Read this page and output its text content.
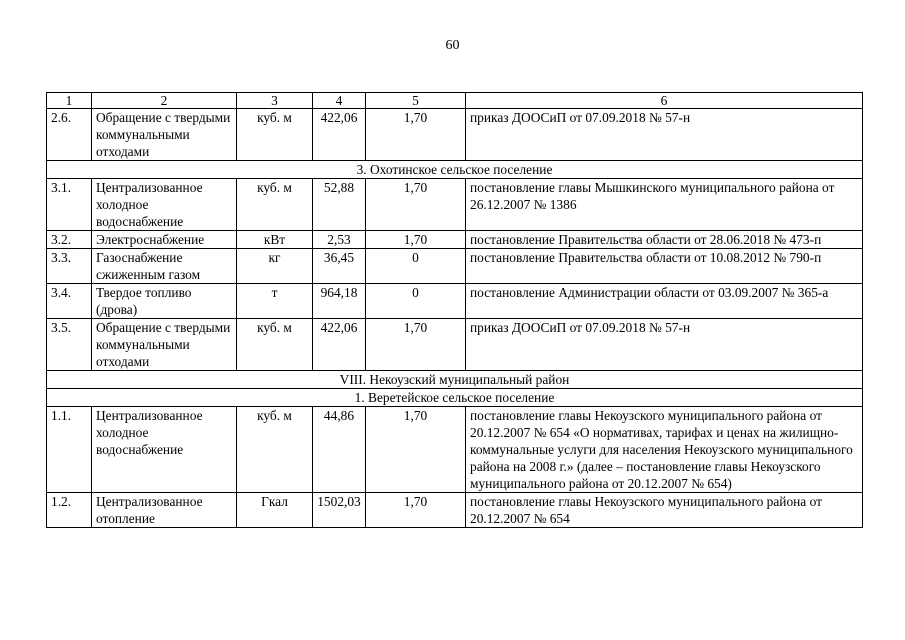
60
1	2	3	4	5	6
2.6.	Обращение с твердыми коммунальными отходами	куб. м	422,06	1,70	приказ ДООСиП от 07.09.2018 № 57-н
3. Охотинское сельское поселение					
3.1.	Централизованное холодное водоснабжение	куб. м	52,88	1,70	постановление главы Мышкинского муниципального района от 26.12.2007 № 1386
3.2.	Электроснабжение	кВт	2,53	1,70	постановление Правительства области от 28.06.2018 № 473-п
3.3.	Газоснабжение сжиженным газом	кг	36,45	0	постановление Правительства области от 10.08.2012 № 790-п
3.4.	Твердое топливо (дрова)	т	964,18	0	постановление Администрации области от 03.09.2007 № 365-а
3.5.	Обращение с твердыми коммунальными отходами	куб. м	422,06	1,70	приказ ДООСиП от 07.09.2018 № 57-н
VIII. Некоузский муниципальный район					
1. Веретейское сельское поселение					
1.1.	Централизованное холодное водоснабжение	куб. м	44,86	1,70	постановление главы Некоузского муниципального района от 20.12.2007 № 654 «О нормативах, тарифах и ценах на жилищно-коммунальные услуги для населения Некоузского муниципального района на 2008 г.» (далее – постановление главы Некоузского муниципального района от 20.12.2007 № 654)
1.2.	Централизованное отопление	Гкал	1502,03	1,70	постановление главы Некоузского муниципального района от 20.12.2007 № 654
